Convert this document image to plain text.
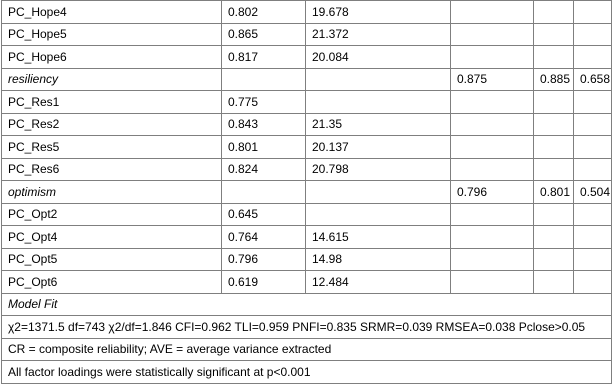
PC_Hope4	0.802	19.678			
PC_Hope5	0.865	21.372			
PC_Hope6	0.817	20.084			
resiliency			0.875	0.885	0.658
PC_Res1	0.775				
PC_Res2	0.843	21.35			
PC_Res5	0.801	20.137			
PC_Res6	0.824	20.798			
optimism			0.796	0.801	0.504
PC_Opt2	0.645				
PC_Opt4	0.764	14.615			
PC_Opt5	0.796	14.98			
PC_Opt6	0.619	12.484			
Model Fit					
χ2=1371.5 df=743 χ2/df=1.846 CFI=0.962 TLI=0.959 PNFI=0.835 SRMR=0.039 RMSEA=0.038 Pclose>0.05					
CR = composite reliability; AVE = average variance extracted					
All factor loadings were statistically significant at p<0.001					
